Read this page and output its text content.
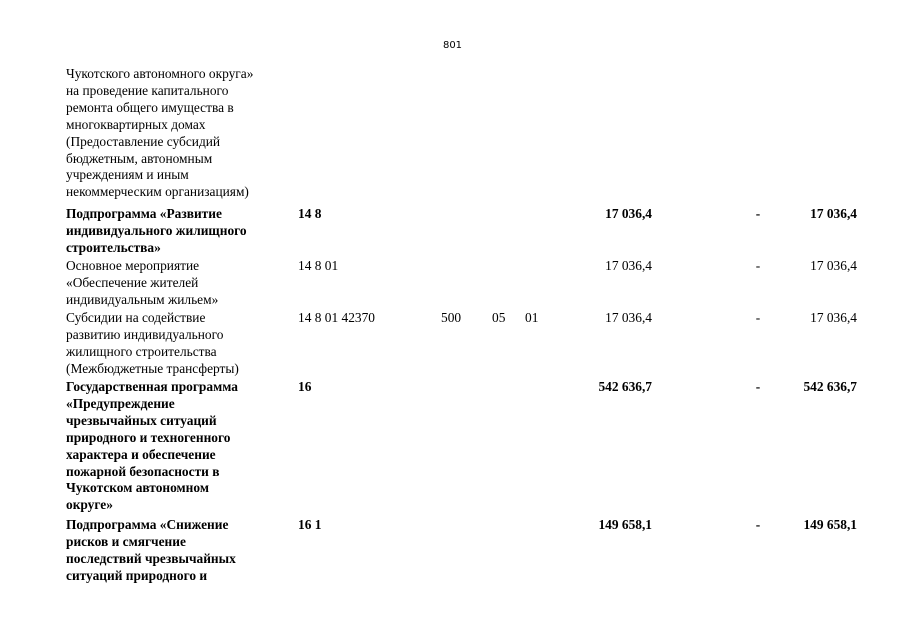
801
Чукотского автономного округа»
на проведение капитального
ремонта общего имущества в
многоквартирных домах
(Предоставление субсидий
бюджетным, автономным
учреждениям и иным
некоммерческим организациям)
Подпрограмма «Развитие
индивидуального жилищного
строительства»
14 8	17 036,4	-	17 036,4
Основное мероприятие
«Обеспечение жителей
индивидуальным жильем»
14 8 01	17 036,4	-	17 036,4
Субсидии на содействие
развитию индивидуального
жилищного строительства
(Межбюджетные трансферты)
14 8 01 42370	500 05 01	17 036,4	-	17 036,4
Государственная программа
«Предупреждение
чрезвычайных ситуаций
природного и техногенного
характера и обеспечение
пожарной безопасности в
Чукотском автономном
округе»
16	542 636,7	-	542 636,7
Подпрограмма «Снижение
рисков и смягчение
последствий чрезвычайных
ситуаций природного и
16 1	149 658,1	-	149 658,1
